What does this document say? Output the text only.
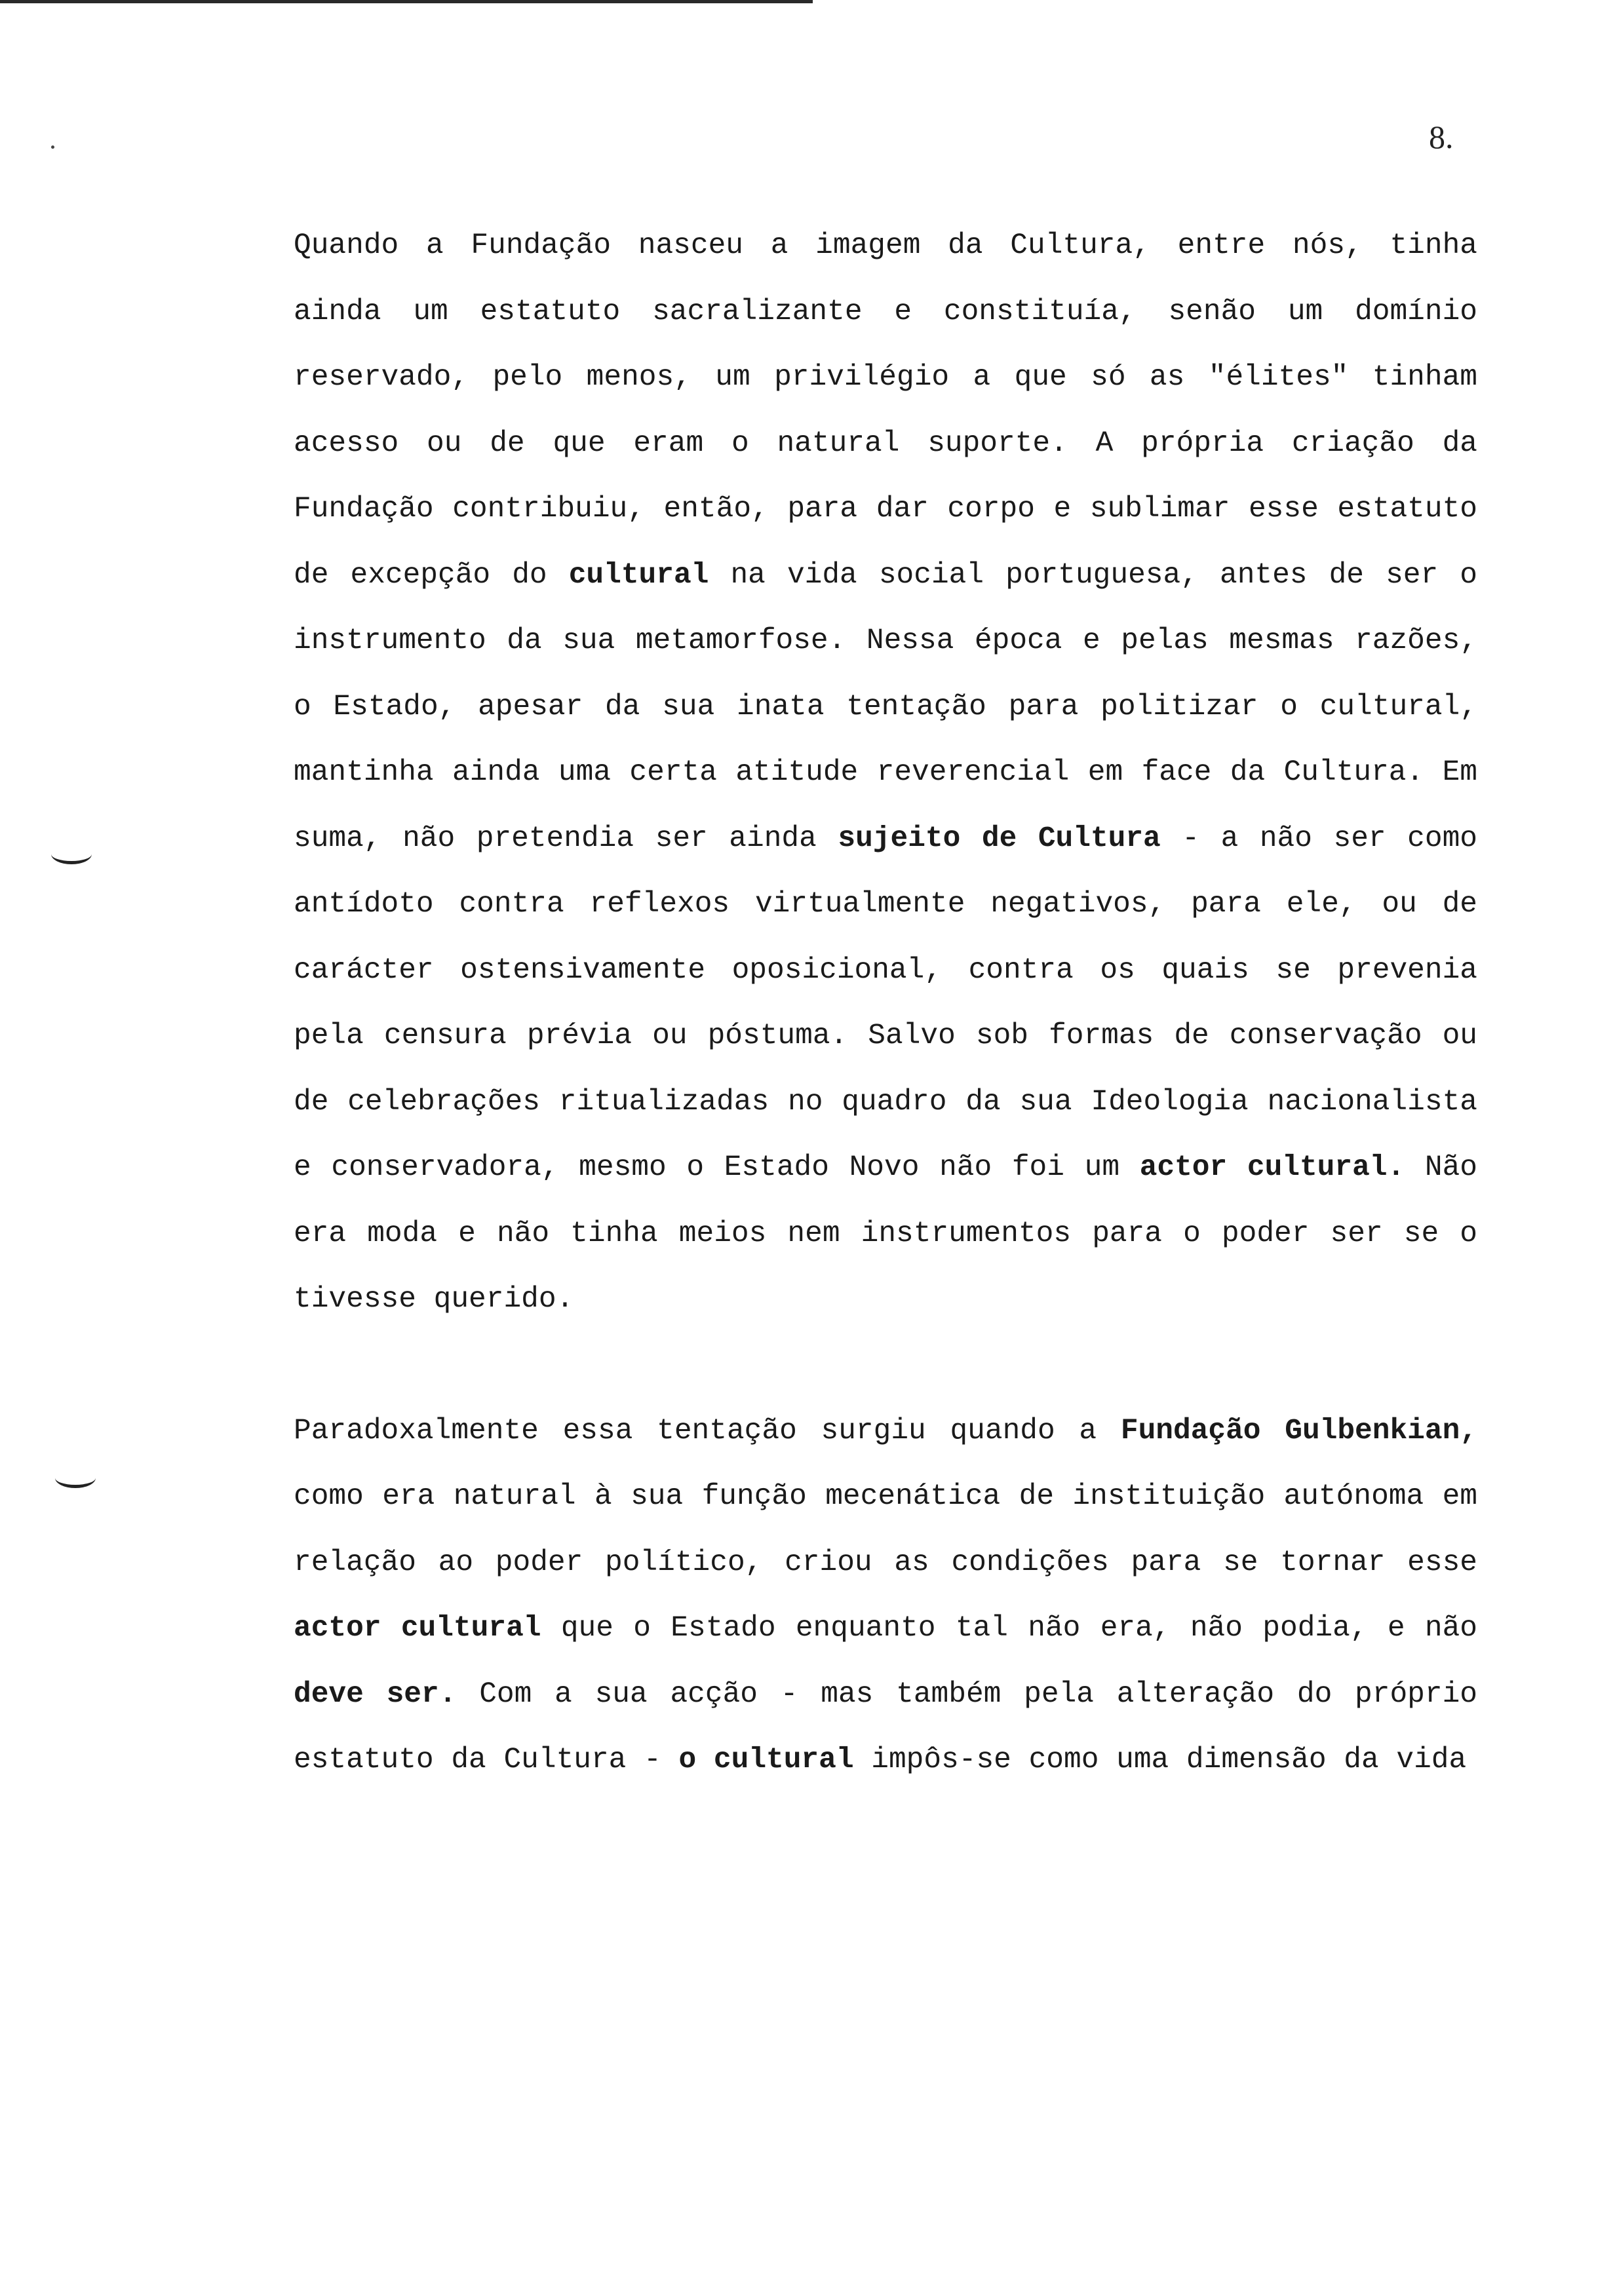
8.

Quando a Fundação nasceu a imagem da Cultura, entre nós, tinha ainda um estatuto sacralizante e constituía, senão um domínio reservado, pelo menos, um privilégio a que só as "élites" tinham acesso ou de que eram o natural suporte. A própria criação da Fundação contribuiu, então, para dar corpo e sublimar esse estatuto de excepção do cultural na vida social portuguesa, antes de ser o instrumento da sua metamorfose. Nessa época e pelas mesmas razões, o Estado, apesar da sua inata tentação para politizar o cultural, mantinha ainda uma certa atitude reverencial em face da Cultura. Em suma, não pretendia ser ainda sujeito de Cultura - a não ser como antídoto contra reflexos virtualmente negativos, para ele, ou de carácter ostensivamente oposicional, contra os quais se prevenia pela censura prévia ou póstuma. Salvo sob formas de conservação ou de celebrações ritualizadas no quadro da sua Ideologia nacionalista e conservadora, mesmo o Estado Novo não foi um actor cultural. Não era moda e não tinha meios nem instrumentos para o poder ser se o tivesse querido.

Paradoxalmente essa tentação surgiu quando a Fundação Gulbenkian, como era natural à sua função mecenática de instituição autónoma em relação ao poder político, criou as condições para se tornar esse actor cultural que o Estado enquanto tal não era, não podia, e não deve ser. Com a sua acção - mas também pela alteração do próprio estatuto da Cultura - o cultural impôs-se como uma dimensão da vida
